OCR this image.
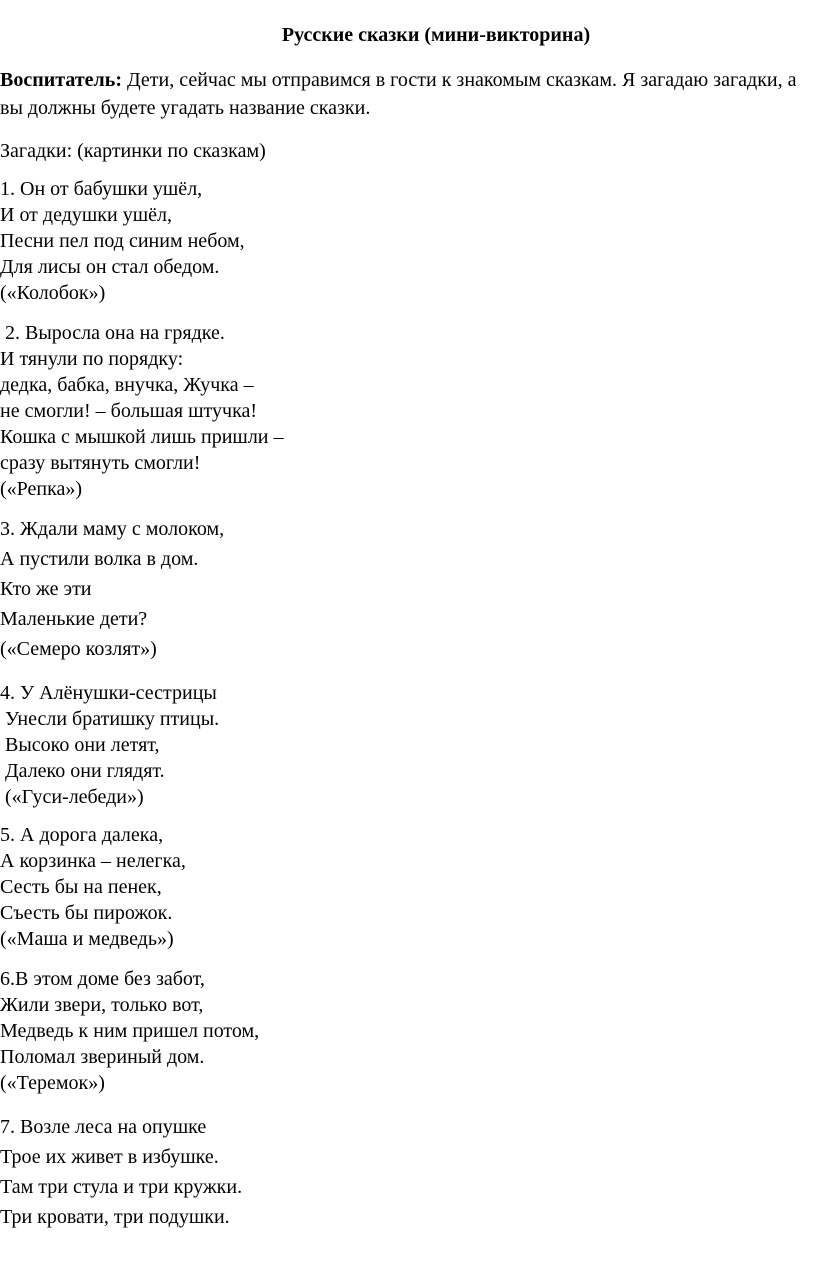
Русские сказки (мини-викторина)
Воспитатель: Дети, сейчас мы отправимся в гости к знакомым сказкам. Я загадаю загадки, а вы должны будете угадать название сказки.
Загадки: (картинки по сказкам)
1. Он от бабушки ушёл,
И от дедушки ушёл,
Песни пел под синим небом,
Для лисы он стал обедом.
(«Колобок»)
2. Выросла она на грядке.
И тянули по порядку:
дедка, бабка, внучка, Жучка –
не смогли! – большая штучка!
Кошка с мышкой лишь пришли –
сразу вытянуть смогли!
(«Репка»)
3. Ждали маму с молоком,
А пустили волка в дом.
Кто же эти
Маленькие дети?
(«Семеро козлят»)
4. У Алёнушки-сестрицы
Унесли братишку птицы.
Высоко они летят,
Далеко они глядят.
(«Гуси-лебеди»)
5. А дорога далека,
А корзинка – нелегка,
Сесть бы на пенек,
Съесть бы пирожок.
(«Маша и медведь»)
6.В этом доме без забот,
Жили звери, только вот,
Медведь к ним пришел потом,
Поломал звериный дом.
(«Теремок»)
7. Возле леса на опушке
Трое их живет в избушке.
Там три стула и три кружки.
Три кровати, три подушки.
